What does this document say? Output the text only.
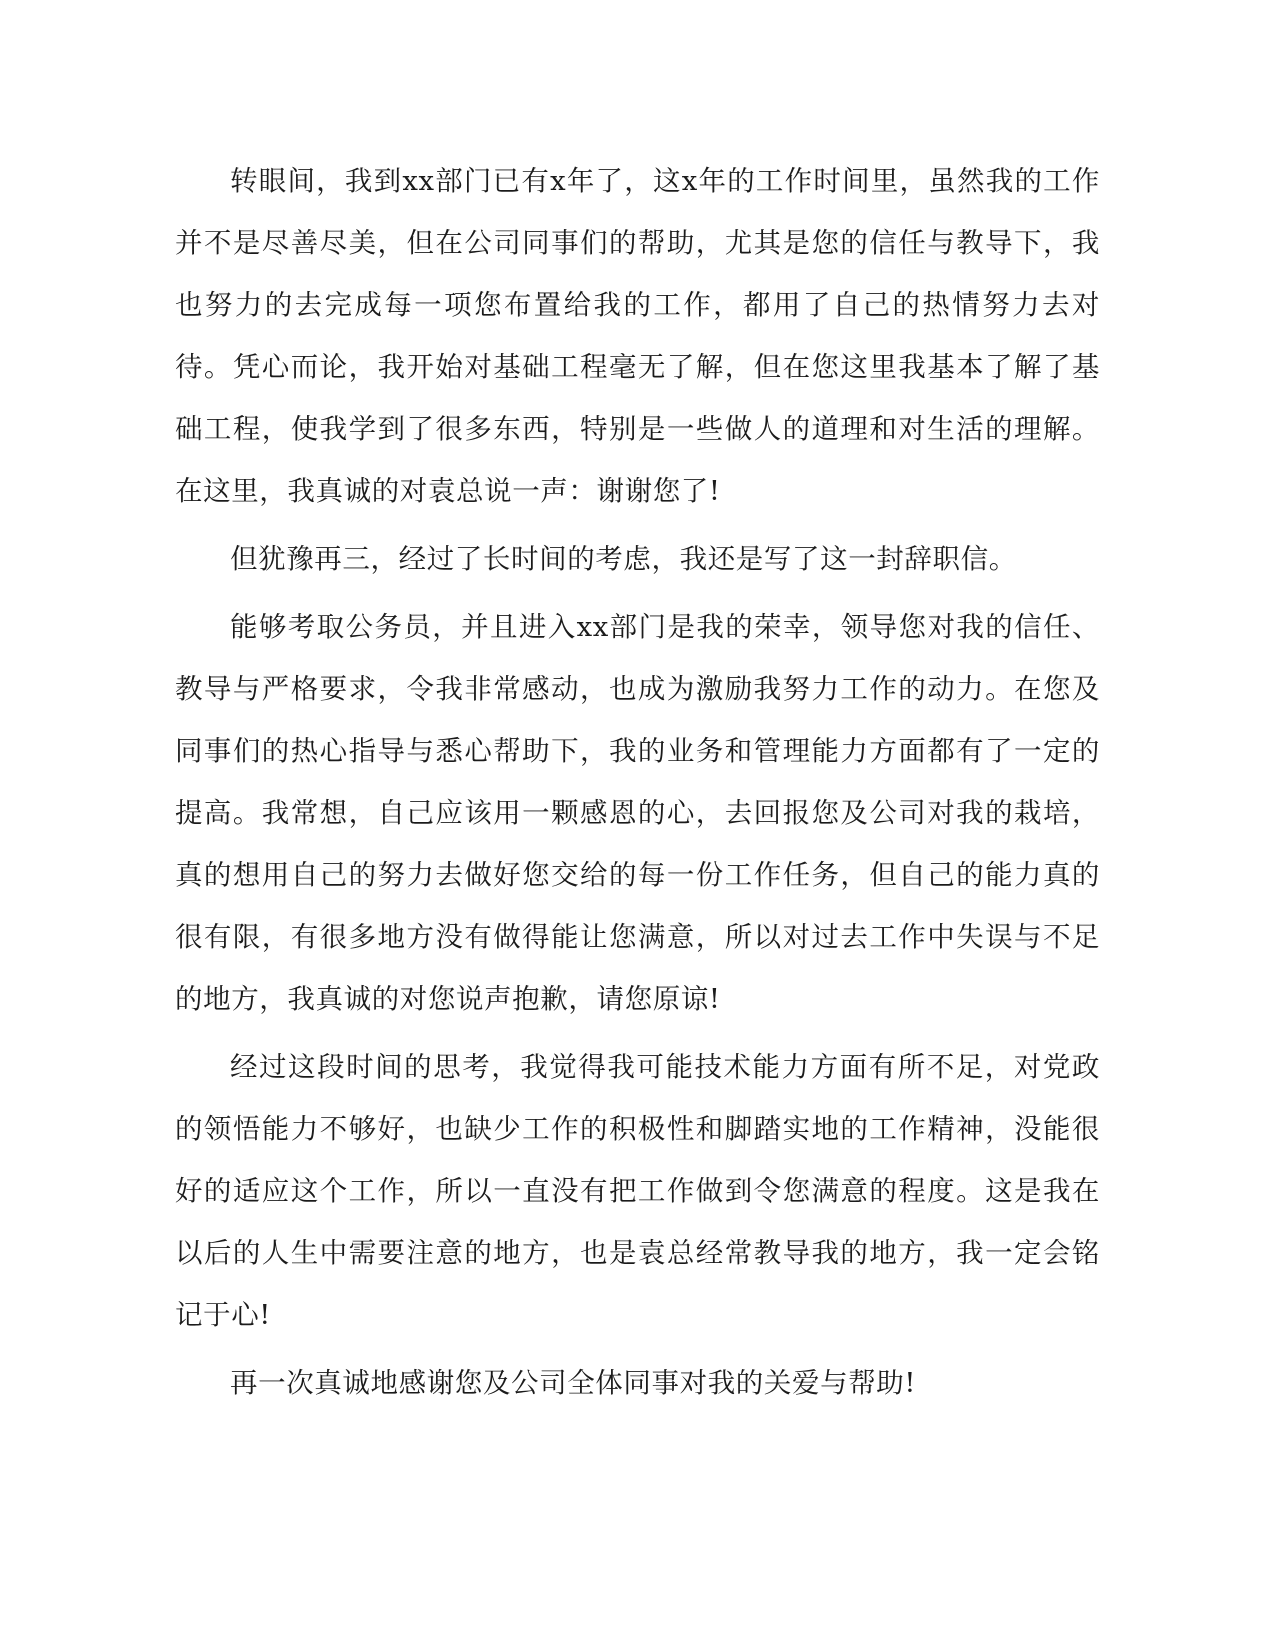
转眼间，我到xx部门已有x年了，这x年的工作时间里，虽然我的工作并不是尽善尽美，但在公司同事们的帮助，尤其是您的信任与教导下，我也努力的去完成每一项您布置给我的工作，都用了自己的热情努力去对待。凭心而论，我开始对基础工程毫无了解，但在您这里我基本了解了基础工程，使我学到了很多东西，特别是一些做人的道理和对生活的理解。在这里，我真诚的对袁总说一声：谢谢您了!

但犹豫再三，经过了长时间的考虑，我还是写了这一封辞职信。

能够考取公务员，并且进入xx部门是我的荣幸，领导您对我的信任、教导与严格要求，令我非常感动，也成为激励我努力工作的动力。在您及同事们的热心指导与悉心帮助下，我的业务和管理能力方面都有了一定的提高。我常想，自己应该用一颗感恩的心，去回报您及公司对我的栽培，真的想用自己的努力去做好您交给的每一份工作任务，但自己的能力真的很有限，有很多地方没有做得能让您满意，所以对过去工作中失误与不足的地方，我真诚的对您说声抱歉，请您原谅!

经过这段时间的思考，我觉得我可能技术能力方面有所不足，对党政的领悟能力不够好，也缺少工作的积极性和脚踏实地的工作精神，没能很好的适应这个工作，所以一直没有把工作做到令您满意的程度。这是我在以后的人生中需要注意的地方，也是袁总经常教导我的地方，我一定会铭记于心!

再一次真诚地感谢您及公司全体同事对我的关爱与帮助!
